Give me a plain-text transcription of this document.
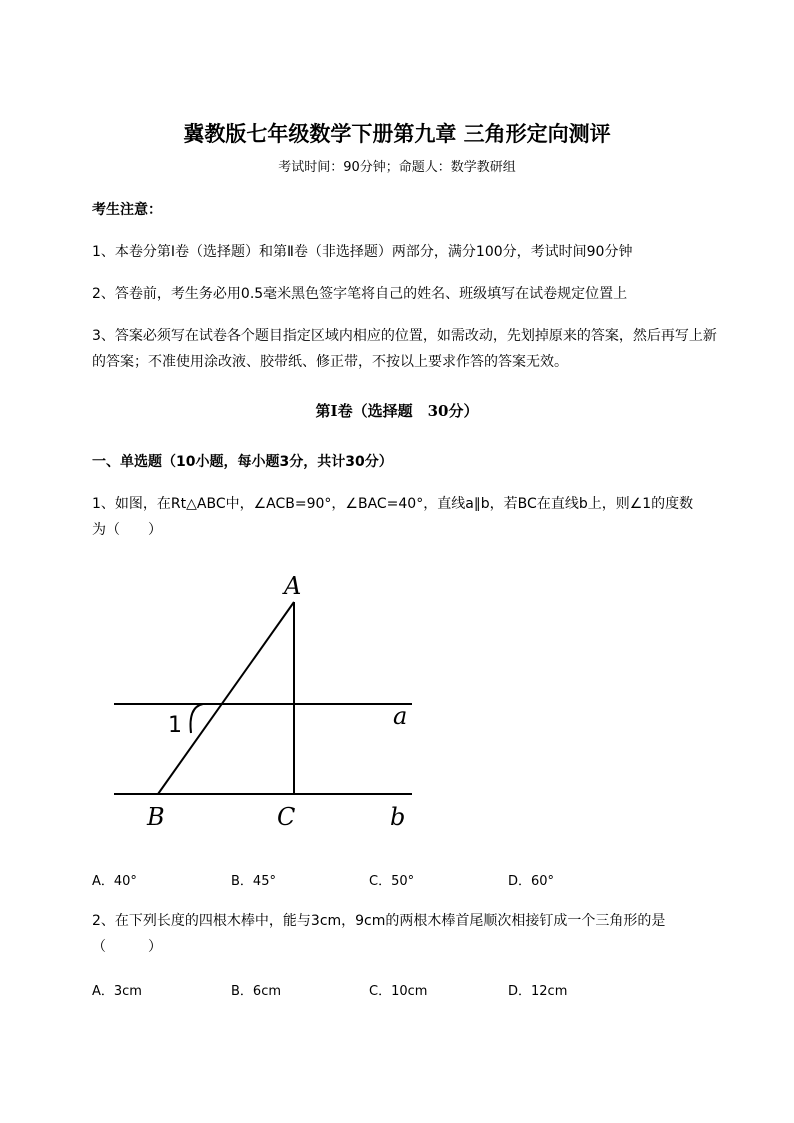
冀教版七年级数学下册第九章 三角形定向测评
考试时间：90分钟；命题人：数学教研组
考生注意：
1、本卷分第I卷（选择题）和第Ⅱ卷（非选择题）两部分，满分100分，考试时间90分钟
2、答卷前，考生务必用0.5毫米黑色签字笔将自己的姓名、班级填写在试卷规定位置上
3、答案必须写在试卷各个题目指定区域内相应的位置，如需改动，先划掉原来的答案，然后再写上新
的答案；不准使用涂改液、胶带纸、修正带，不按以上要求作答的答案无效。
第I卷（选择题　30分）
一、单选题（10小题，每小题3分，共计30分）
1、如图，在Rt△ABC中，∠ACB=90°，∠BAC=40°，直线a∥b，若BC在直线b上，则∠1的度数
为（　　）
A
1	a
B	C	b
A．40°	B．45°	C．50°	D．60°
2、在下列长度的四根木棒中，能与3cm，9cm的两根木棒首尾顺次相接钉成一个三角形的是
（　　　）
A．3cm	B．6cm	C．10cm	D．12cm
